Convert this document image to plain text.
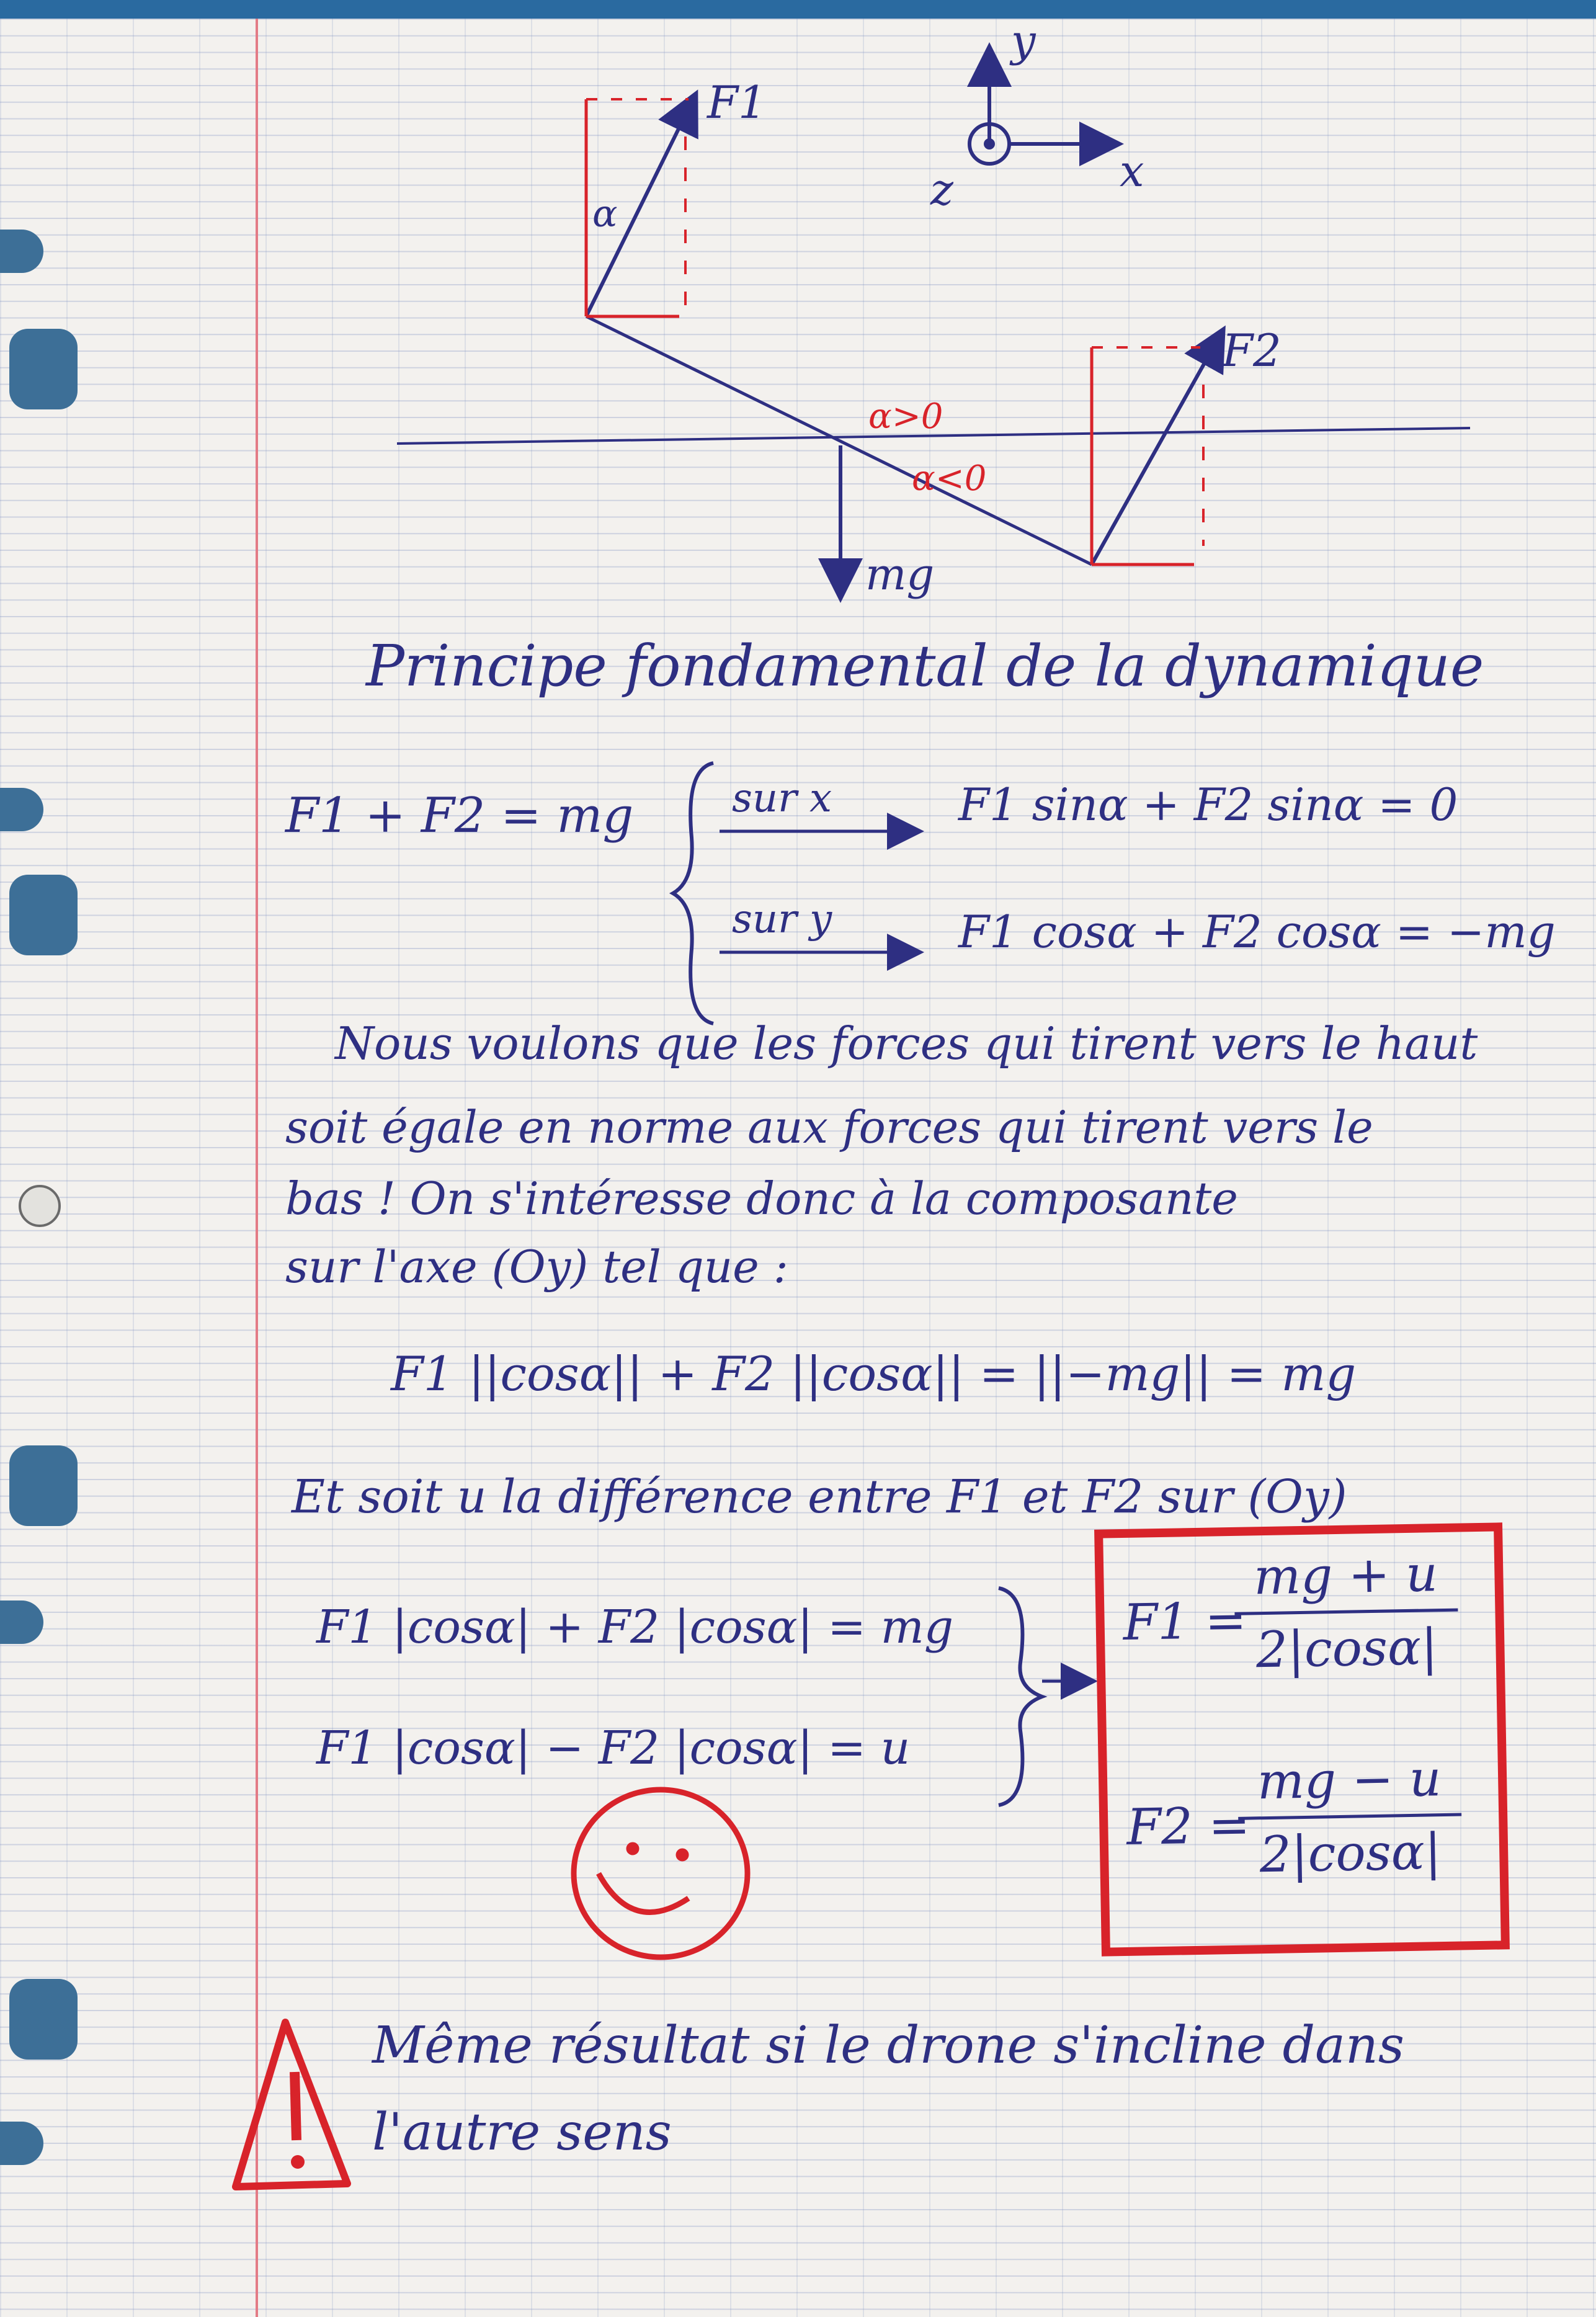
y
x
z
F1
α
F2
mg
α>0
α<0
Principe fondamental de la dynamique
F1 + F2 = mg sur x	F1 sinα + F2 sinα = 0
sur y	F1 cosα + F2 cosα = −mg
Nous voulons que les forces qui tirent vers le haut
soit égale en norme aux forces qui tirent vers le
bas ! On s'intéresse donc à la composante
sur l'axe (Oy) tel que :
F1 ||cosα|| + F2 ||cosα|| = ||−mg|| = mg
Et soit u la différence entre F1 et F2 sur (Oy)
F1 |cosα| + F2 |cosα| = mg
F1 |cosα| − F2 |cosα| = u
F1 =
$\frac{mg + u}{2|\cos\alpha|}$
F2 =
$\frac{mg - u}{2|\cos\alpha|}$
Même résultat si le drone s'incline dans
l'autre sens
